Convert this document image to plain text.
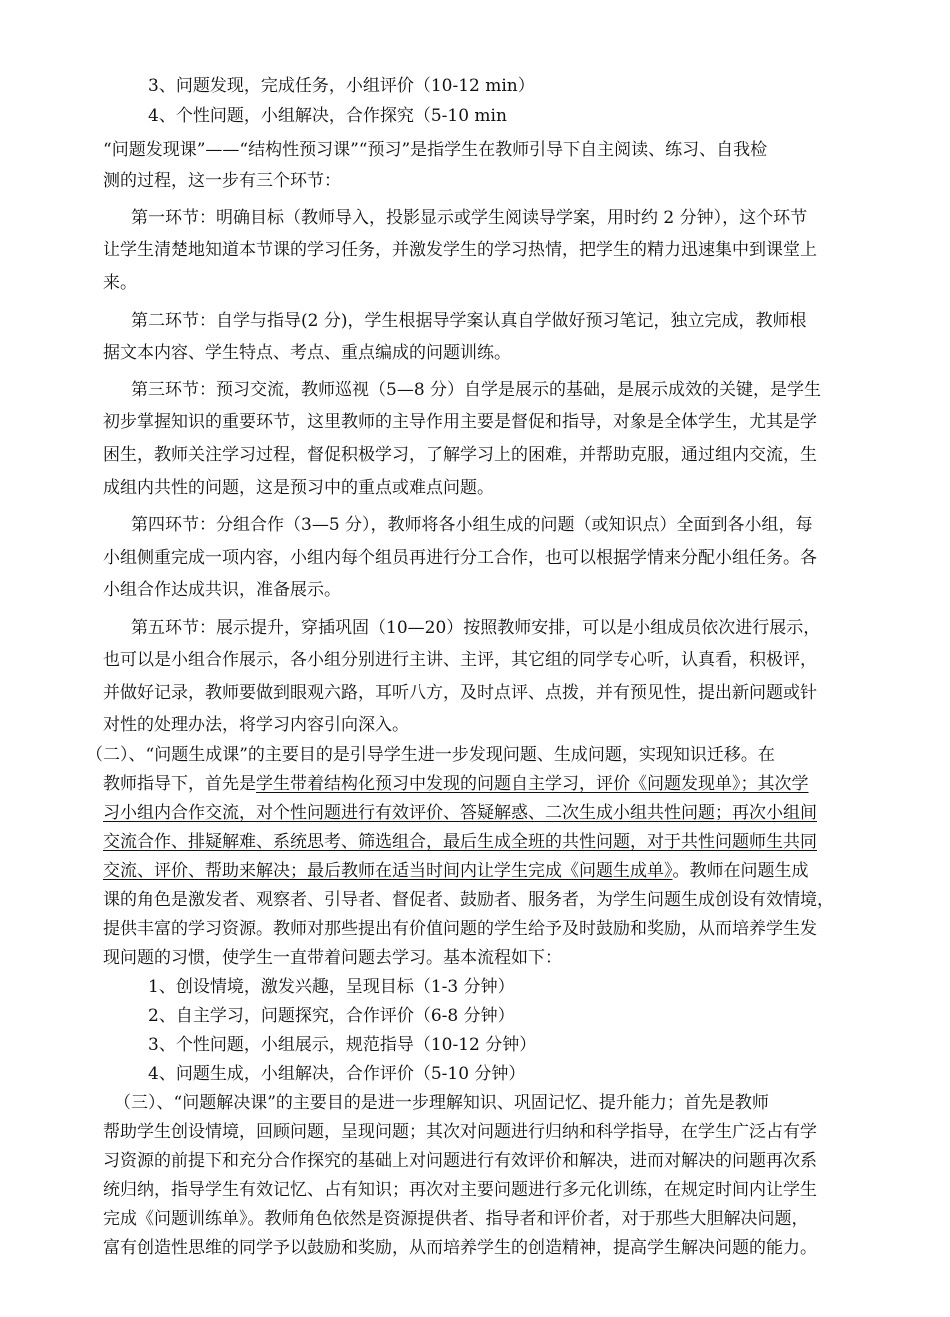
3、问题发现，完成任务，小组评价（10-12 min）
4、个性问题，小组解决，合作探究（5-10 min
“问题发现课”——“结构性预习课”“预习”是指学生在教师引导下自主阅读、练习、自我检
测的过程，这一步有三个环节：
第一环节：明确目标（教师导入，投影显示或学生阅读导学案，用时约 2 分钟），这个环节
让学生清楚地知道本节课的学习任务，并激发学生的学习热情，把学生的精力迅速集中到课堂上
来。
第二环节：自学与指导(2 分)，学生根据导学案认真自学做好预习笔记，独立完成，教师根
据文本内容、学生特点、考点、重点编成的问题训练。
第三环节：预习交流，教师巡视（5—8 分）自学是展示的基础，是展示成效的关键，是学生
初步掌握知识的重要环节，这里教师的主导作用主要是督促和指导，对象是全体学生，尤其是学
困生，教师关注学习过程，督促积极学习，了解学习上的困难，并帮助克服，通过组内交流，生
成组内共性的问题，这是预习中的重点或难点问题。
第四环节：分组合作（3—5 分），教师将各小组生成的问题（或知识点）全面到各小组，每
小组侧重完成一项内容，小组内每个组员再进行分工合作，也可以根据学情来分配小组任务。各
小组合作达成共识，准备展示。
第五环节：展示提升，穿插巩固（10—20）按照教师安排，可以是小组成员依次进行展示，
也可以是小组合作展示，各小组分别进行主讲、主评，其它组的同学专心听，认真看，积极评，
并做好记录，教师要做到眼观六路，耳听八方，及时点评、点拨，并有预见性，提出新问题或针
对性的处理办法，将学习内容引向深入。
（二）、“问题生成课”的主要目的是引导学生进一步发现问题、生成问题，实现知识迁移。在
教师指导下，首先是学生带着结构化预习中发现的问题自主学习，评价《问题发现单》；其次学
习小组内合作交流，对个性问题进行有效评价、答疑解惑、二次生成小组共性问题；再次小组间
交流合作、排疑解难、系统思考、筛选组合，最后生成全班的共性问题，对于共性问题师生共同
交流、评价、帮助来解决；最后教师在适当时间内让学生完成《问题生成单》。教师在问题生成
课的角色是激发者、观察者、引导者、督促者、鼓励者、服务者，为学生问题生成创设有效情境，
提供丰富的学习资源。教师对那些提出有价值问题的学生给予及时鼓励和奖励，从而培养学生发
现问题的习惯，使学生一直带着问题去学习。基本流程如下：
1、创设情境，激发兴趣，呈现目标（1-3 分钟）
2、自主学习，问题探究，合作评价（6-8 分钟）
3、个性问题，小组展示，规范指导（10-12 分钟）
4、问题生成，小组解决，合作评价（5-10 分钟）
（三）、“问题解决课”的主要目的是进一步理解知识、巩固记忆、提升能力；首先是教师
帮助学生创设情境，回顾问题，呈现问题；其次对问题进行归纳和科学指导，在学生广泛占有学
习资源的前提下和充分合作探究的基础上对问题进行有效评价和解决，进而对解决的问题再次系
统归纳，指导学生有效记忆、占有知识；再次对主要问题进行多元化训练，在规定时间内让学生
完成《问题训练单》。教师角色依然是资源提供者、指导者和评价者，对于那些大胆解决问题，
富有创造性思维的同学予以鼓励和奖励，从而培养学生的创造精神，提高学生解决问题的能力。
